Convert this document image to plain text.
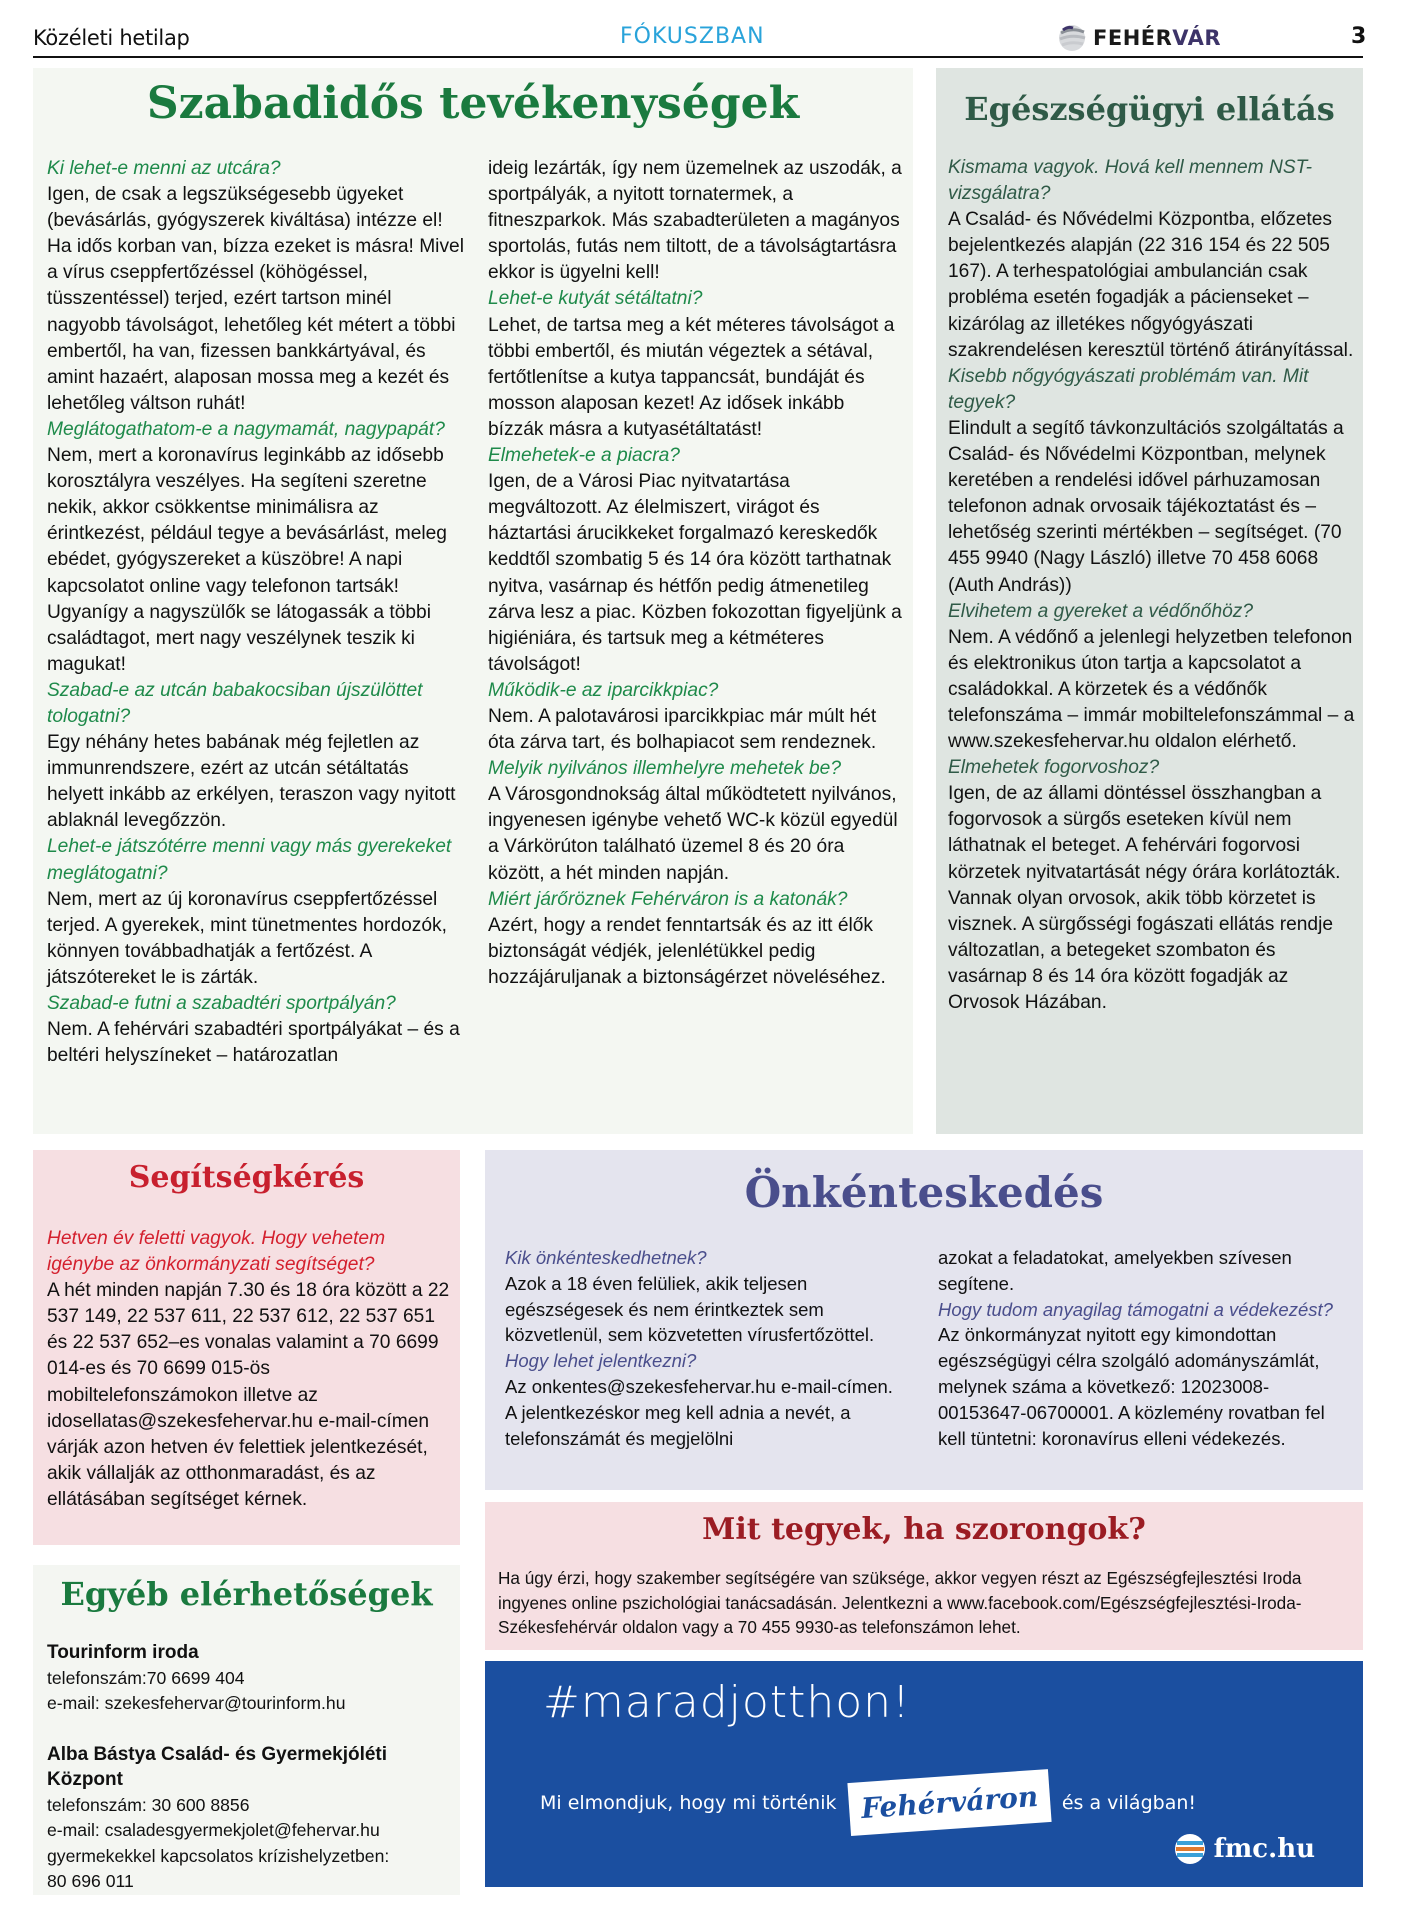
Közéleti hetilap	FÓKUSZBAN	FEHÉRVÁR	3
Szabadidős tevékenységek

Ki lehet-e menni az utcára?

Igen, de csak a legszükségesebb ügyeket (bevásárlás, gyógyszerek kiváltása) intézze el! Ha idős korban van, bízza ezeket is másra! Mivel a vírus cseppfertőzéssel (köhögéssel, tüsszentéssel) terjed, ezért tartson minél nagyobb távolságot, lehetőleg két métert a többi embertől, ha van, fizessen bankkártyával, és amint hazaért, alaposan mossa meg a kezét és lehetőleg váltson ruhát!

Meglátogathatom-e a nagymamát, nagypapát?

Nem, mert a koronavírus leginkább az idősebb korosztályra veszélyes. Ha segíteni szeretne nekik, akkor csökkentse minimálisra az érintkezést, például tegye a bevásárlást, meleg ebédet, gyógyszereket a küszöbre! A napi kapcsolatot online vagy telefonon tartsák! Ugyanígy a nagyszülők se látogassák a többi családtagot, mert nagy veszélynek teszik ki magukat!

Szabad-e az utcán babakocsiban újszülöttet tologatni?

Egy néhány hetes babának még fejletlen az immunrendszere, ezért az utcán sétáltatás helyett inkább az erkélyen, teraszon vagy nyitott ablaknál levegőzzön.

Lehet-e játszótérre menni vagy más gyerekeket meglátogatni?

Nem, mert az új koronavírus cseppfertőzéssel terjed. A gyerekek, mint tünetmentes hordozók, könnyen továbbadhatják a fertőzést. A játszótereket le is zárták.

Szabad-e futni a szabadtéri sportpályán?

Nem. A fehérvári szabadtéri sportpályákat – és a beltéri helyszíneket – határozatlan

ideig lezárták, így nem üzemelnek az uszodák, a sportpályák, a nyitott tornatermek, a fitneszparkok. Más szabadterületen a magányos sportolás, futás nem tiltott, de a távolságtartásra ekkor is ügyelni kell!

Lehet-e kutyát sétáltatni?

Lehet, de tartsa meg a két méteres távolságot a többi embertől, és miután végeztek a sétával, fertőtlenítse a kutya tappancsát, bundáját és mosson alaposan kezet! Az idősek inkább bízzák másra a kutyasétáltatást!

Elmehetek-e a piacra?

Igen, de a Városi Piac nyitvatartása megváltozott. Az élelmiszert, virágot és háztartási árucikkeket forgalmazó kereskedők keddtől szombatig 5 és 14 óra között tarthatnak nyitva, vasárnap és hétfőn pedig átmenetileg zárva lesz a piac. Közben fokozottan figyeljünk a higiéniára, és tartsuk meg a kétméteres távolságot!

Működik-e az iparcikkpiac?

Nem. A palotavárosi iparcikkpiac már múlt hét óta zárva tart, és bolhapiacot sem rendeznek.

Melyik nyilvános illemhelyre mehetek be?

A Városgondnokság által működtetett nyilvános, ingyenesen igénybe vehető WC-k közül egyedül a Várkörúton található üzemel 8 és 20 óra között, a hét minden napján.

Miért járőröznek Fehérváron is a katonák?

Azért, hogy a rendet fenntartsák és az itt élők biztonságát védjék, jelenlétükkel pedig hozzájáruljanak a biztonságérzet növeléséhez.

Egészségügyi ellátás

Kismama vagyok. Hová kell mennem NST-vizsgálatra?

A Család- és Nővédelmi Központba, előzetes bejelentkezés alapján (22 316 154 és 22 505 167). A terhespatológiai ambulancián csak probléma esetén fogadják a pácienseket – kizárólag az illetékes nőgyógyászati szakrendelésen keresztül történő átirányítással.

Kisebb nőgyógyászati problémám van. Mit tegyek?

Elindult a segítő távkonzultációs szolgáltatás a Család- és Nővédelmi Központban, melynek keretében a rendelési idővel párhuzamosan telefonon adnak orvosaik tájékoztatást és – lehetőség szerinti mértékben – segítséget. (70 455 9940 (Nagy László) illetve 70 458 6068 (Auth András))

Elvihetem a gyereket a védőnőhöz?

Nem. A védőnő a jelenlegi helyzetben telefonon és elektronikus úton tartja a kapcsolatot a családokkal. A körzetek és a védőnők telefonszáma – immár mobiltelefonszámmal – a www.szekesfehervar.hu oldalon elérhető.

Elmehetek fogorvoshoz?

Igen, de az állami döntéssel összhangban a fogorvosok a sürgős eseteken kívül nem láthatnak el beteget. A fehérvári fogorvosi körzetek nyitvatartását négy órára korlátozták. Vannak olyan orvosok, akik több körzetet is visznek. A sürgősségi fogászati ellátás rendje változatlan, a betegeket szombaton és vasárnap 8 és 14 óra között fogadják az Orvosok Házában.

Segítségkérés

Hetven év feletti vagyok. Hogy vehetem igénybe az önkormányzati segítséget?

A hét minden napján 7.30 és 18 óra között a 22 537 149, 22 537 611, 22 537 612, 22 537 651 és 22 537 652–es vonalas valamint a 70 6699 014-es és 70 6699 015-ös mobiltelefonszámokon illetve az idosellatas@szekesfehervar.hu e-mail-címen várják azon hetven év felettiek jelentkezését, akik vállalják az otthonmaradást, és az ellátásában segítséget kérnek.

Önkénteskedés

Kik önkénteskedhetnek?

Azok a 18 éven felüliek, akik teljesen egészségesek és nem érintkeztek sem közvetlenül, sem közvetetten vírusfertőzöttel.

Hogy lehet jelentkezni?

Az onkentes@szekesfehervar.hu e-mail-címen. A jelentkezéskor meg kell adnia a nevét, a telefonszámát és megjelölni

azokat a feladatokat, amelyekben szívesen segítene.

Hogy tudom anyagilag támogatni a védekezést?

Az önkormányzat nyitott egy kimondottan egészségügyi célra szolgáló adományszámlát, melynek száma a következő: 12023008-00153647-06700001. A közlemény rovatban fel kell tüntetni: koronavírus elleni védekezés.

Mit tegyek, ha szorongok?

Ha úgy érzi, hogy szakember segítségére van szüksége, akkor vegyen részt az Egészségfejlesztési Iroda ingyenes online pszichológiai tanácsadásán. Jelentkezni a www.facebook.com/Egészségfejlesztési-Iroda-Székesfehérvár oldalon vagy a 70 455 9930-as telefonszámon lehet.

Egyéb elérhetőségek

Tourinform iroda

telefonszám:70 6699 404

e-mail: szekesfehervar@tourinform.hu

Alba Bástya Család- és Gyermekjóléti Központ

telefonszám: 30 600 8856

e-mail: csaladesgyermekjolet@fehervar.hu

gyermekekkel kapcsolatos krízishelyzetben:

80 696 011

#maradjotthon!
Mi elmondjuk, hogy mi történik Fehérváron	és a világban!
fmc.hu
